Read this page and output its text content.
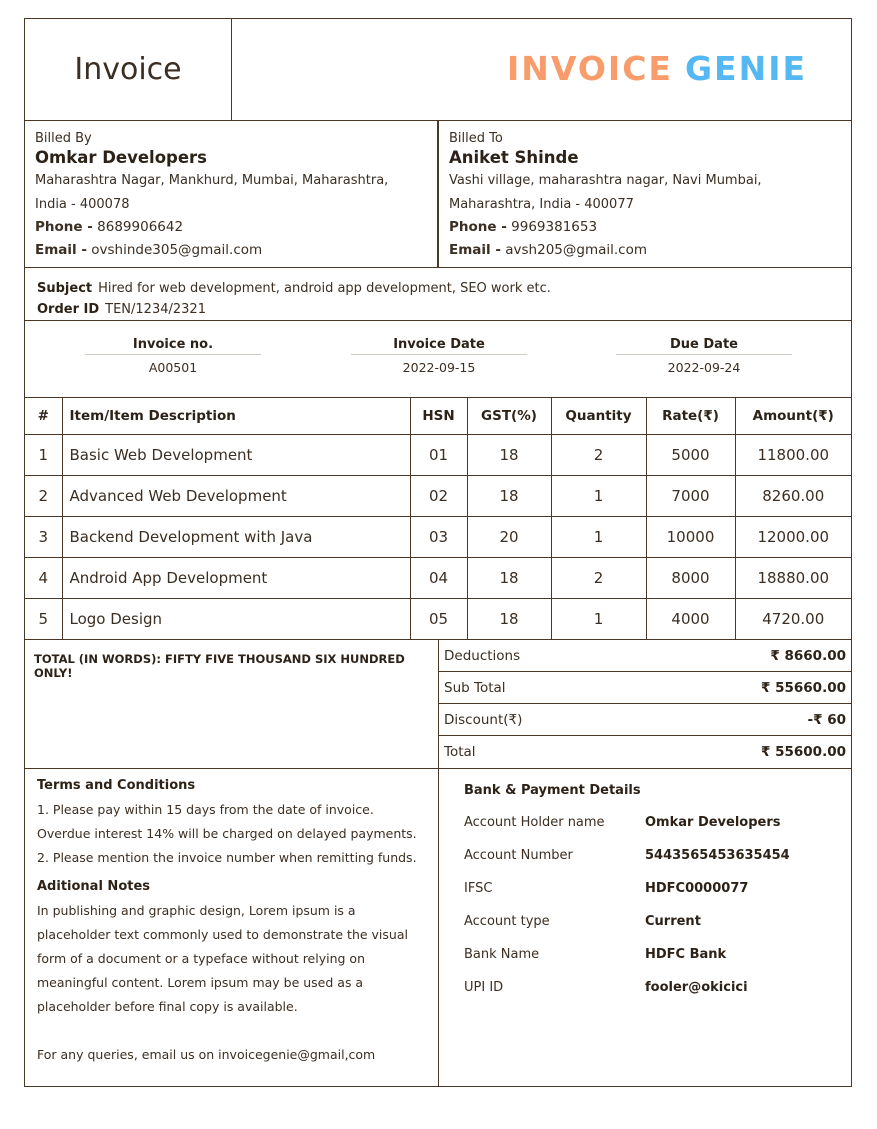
Invoice	INVOICE GENIE
Billed By
Omkar Developers
Maharashtra Nagar, Mankhurd, Mumbai, Maharashtra,
India - 400078
Phone - 8689906642
Email - ovshinde305@gmail.com
Billed To
Aniket Shinde
Vashi village, maharashtra nagar, Navi Mumbai,
Maharashtra, India - 400077
Phone - 9969381653
Email - avsh205@gmail.com
Subject Hired for web development, android app development, SEO work etc.
Order ID TEN/1234/2321
Invoice no.
A00501
Invoice Date
2022-09-15
Due Date
2022-09-24
#	Item/Item Description	HSN	GST(%)	Quantity	Rate(₹)	Amount(₹)
1	Basic Web Development	01	18	2	5000	11800.00
2	Advanced Web Development	02	18	1	7000	8260.00
3	Backend Development with Java	03	20	1	10000	12000.00
4	Android App Development	04	18	2	8000	18880.00
5	Logo Design	05	18	1	4000	4720.00
TOTAL (IN WORDS): FIFTY FIVE THOUSAND SIX HUNDRED ONLY!
Deductions	₹ 8660.00
Sub Total	₹ 55660.00
Discount(₹)	-₹ 60
Total	₹ 55600.00
Terms and Conditions
1. Please pay within 15 days from the date of invoice.
Overdue interest 14% will be charged on delayed payments.
2. Please mention the invoice number when remitting funds.
Aditional Notes
In publishing and graphic design, Lorem ipsum is a placeholder text commonly used to demonstrate the visual form of a document or a typeface without relying on meaningful content. Lorem ipsum may be used as a placeholder before final copy is available.
For any queries, email us on invoicegenie@gmail,com
Bank & Payment Details
Account Holder name	Omkar Developers
Account Number	5443565453635454
IFSC	HDFC0000077
Account type	Current
Bank Name	HDFC Bank
UPI ID	fooler@okicici
